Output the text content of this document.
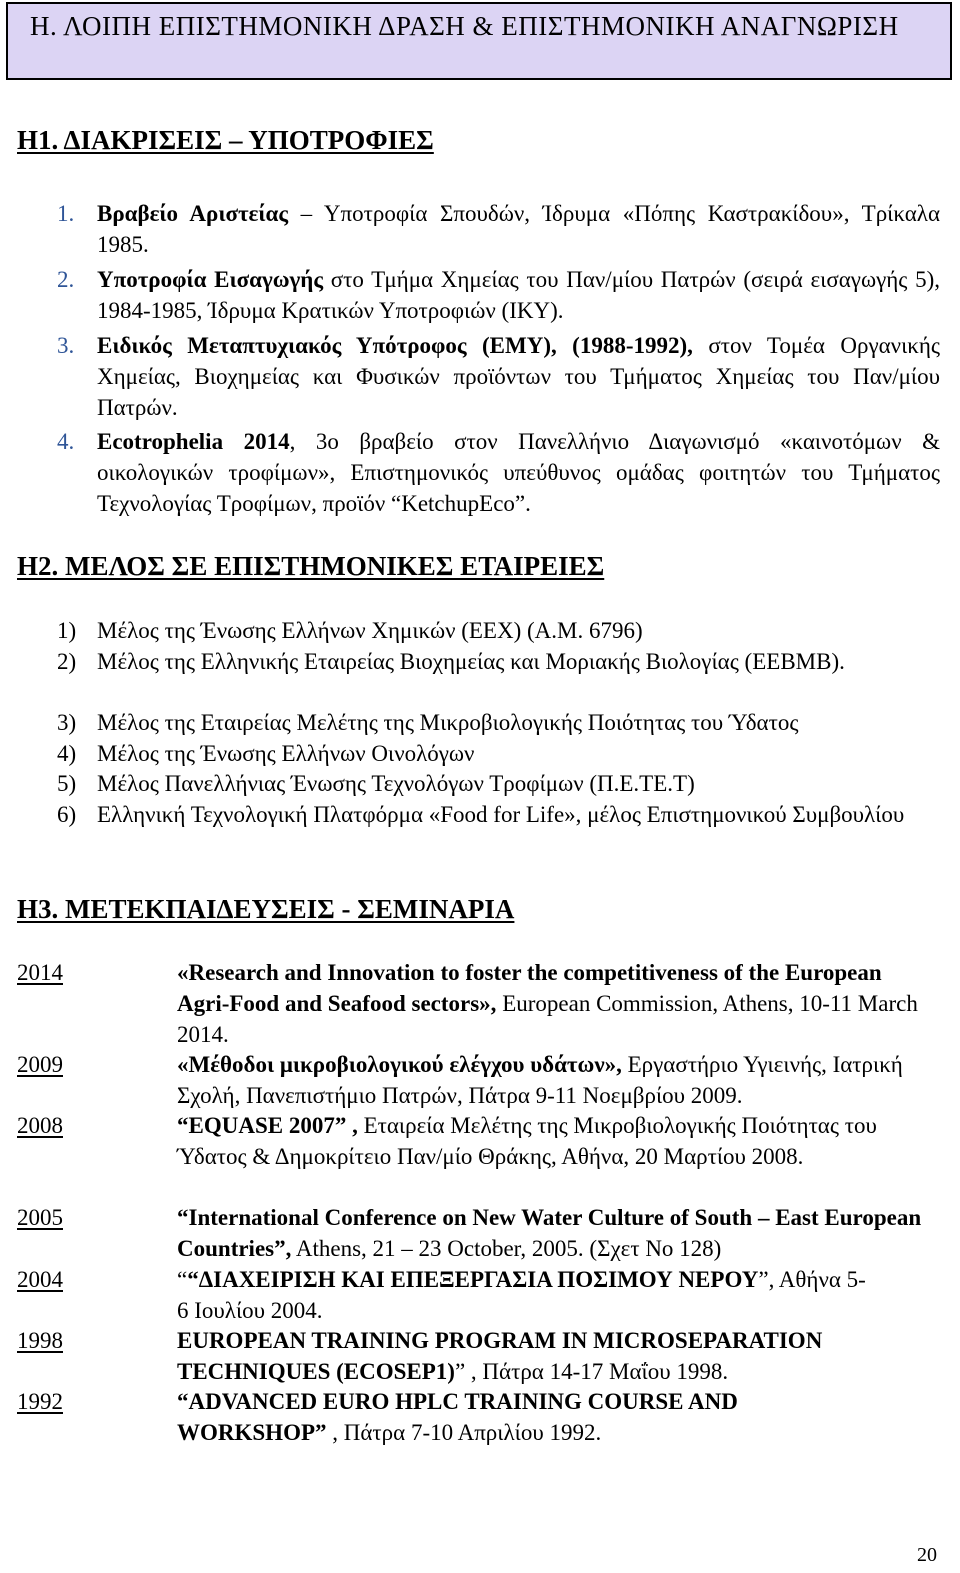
Η. ΛΟΙΠΗ ΕΠΙΣΤΗΜΟΝΙΚΗ ΔΡΑΣΗ & ΕΠΙΣΤΗΜΟΝΙΚΗ ΑΝΑΓΝΩΡΙΣΗ
Η1. ΔΙΑΚΡΙΣΕΙΣ – ΥΠΟΤΡΟΦΙΕΣ
1. Βραβείο Αριστείας – Υποτροφία Σπουδών, Ίδρυμα «Πόπης Καστρακίδου», Τρίκαλα 1985.
2. Υποτροφία Εισαγωγής στο Τμήμα Χημείας του Παν/μίου Πατρών (σειρά εισαγωγής 5), 1984-1985, Ίδρυμα Κρατικών Υποτροφιών (ΙΚΥ).
3. Ειδικός Μεταπτυχιακός Υπότροφος (ΕΜΥ), (1988-1992), στον Τομέα Οργανικής Χημείας, Βιοχημείας και Φυσικών προϊόντων του Τμήματος Χημείας του Παν/μίου Πατρών.
4. Ecotrophelia 2014, 3ο βραβείο στον Πανελλήνιο Διαγωνισμό «καινοτόμων & οικολογικών τροφίμων», Επιστημονικός υπεύθυνος ομάδας φοιτητών του Τμήματος Τεχνολογίας Τροφίμων, προϊόν “KetchupEco”.
Η2. ΜΕΛΟΣ ΣΕ ΕΠΙΣΤΗΜΟΝΙΚΕΣ ΕΤΑΙΡΕΙΕΣ
1) Μέλος της Ένωσης Ελλήνων Χημικών (ΕΕΧ) (Α.Μ. 6796)
2) Μέλος της Ελληνικής Εταιρείας Βιοχημείας και Μοριακής Βιολογίας (ΕΕΒΜΒ).
3) Μέλος της Εταιρείας Μελέτης της Μικροβιολογικής Ποιότητας του Ύδατος
4) Μέλος της Ένωσης Ελλήνων Οινολόγων
5) Μέλος Πανελλήνιας Ένωσης Τεχνολόγων Τροφίμων (Π.Ε.ΤΕ.Τ)
6) Ελληνική Τεχνολογική Πλατφόρμα «Food for Life», μέλος Επιστημονικού Συμβουλίου
Η3. ΜΕΤΕΚΠΑΙΔΕΥΣΕΙΣ - ΣΕΜΙΝΑΡΙΑ
2014	«Research and Innovation to foster the competitiveness of the European Agri-Food and Seafood sectors», European Commission, Athens, 10-11 March 2014.
2009	«Μέθοδοι μικροβιολογικού ελέγχου υδάτων», Εργαστήριο Υγιεινής, Ιατρική Σχολή, Πανεπιστήμιο Πατρών, Πάτρα 9-11 Νοεμβρίου 2009.
2008	“EQUASE 2007” , Εταιρεία Μελέτης της Μικροβιολογικής Ποιότητας του Ύδατος & Δημοκρίτειο Παν/μίο Θράκης, Αθήνα, 20 Μαρτίου 2008.
2005	“International Conference on New Water Culture of South – East European Countries”, Athens, 21 – 23 October, 2005. (Σχετ Νο 128)
2004	““ΔΙΑΧΕΙΡΙΣΗ ΚΑΙ ΕΠΕΞΕΡΓΑΣΙΑ ΠΟΣΙΜΟΥ ΝΕΡΟΥ”, Αθήνα 5-6 Ιουλίου 2004.
1998	EUROPEAN TRAINING PROGRAM IN MICROSEPARATION TECHNIQUES (ECOSEP1)” , Πάτρα 14-17 Μαΐου 1998.
1992	“ADVANCED EURO HPLC TRAINING COURSE AND WORKSHOP” , Πάτρα 7-10 Απριλίου 1992.
20
